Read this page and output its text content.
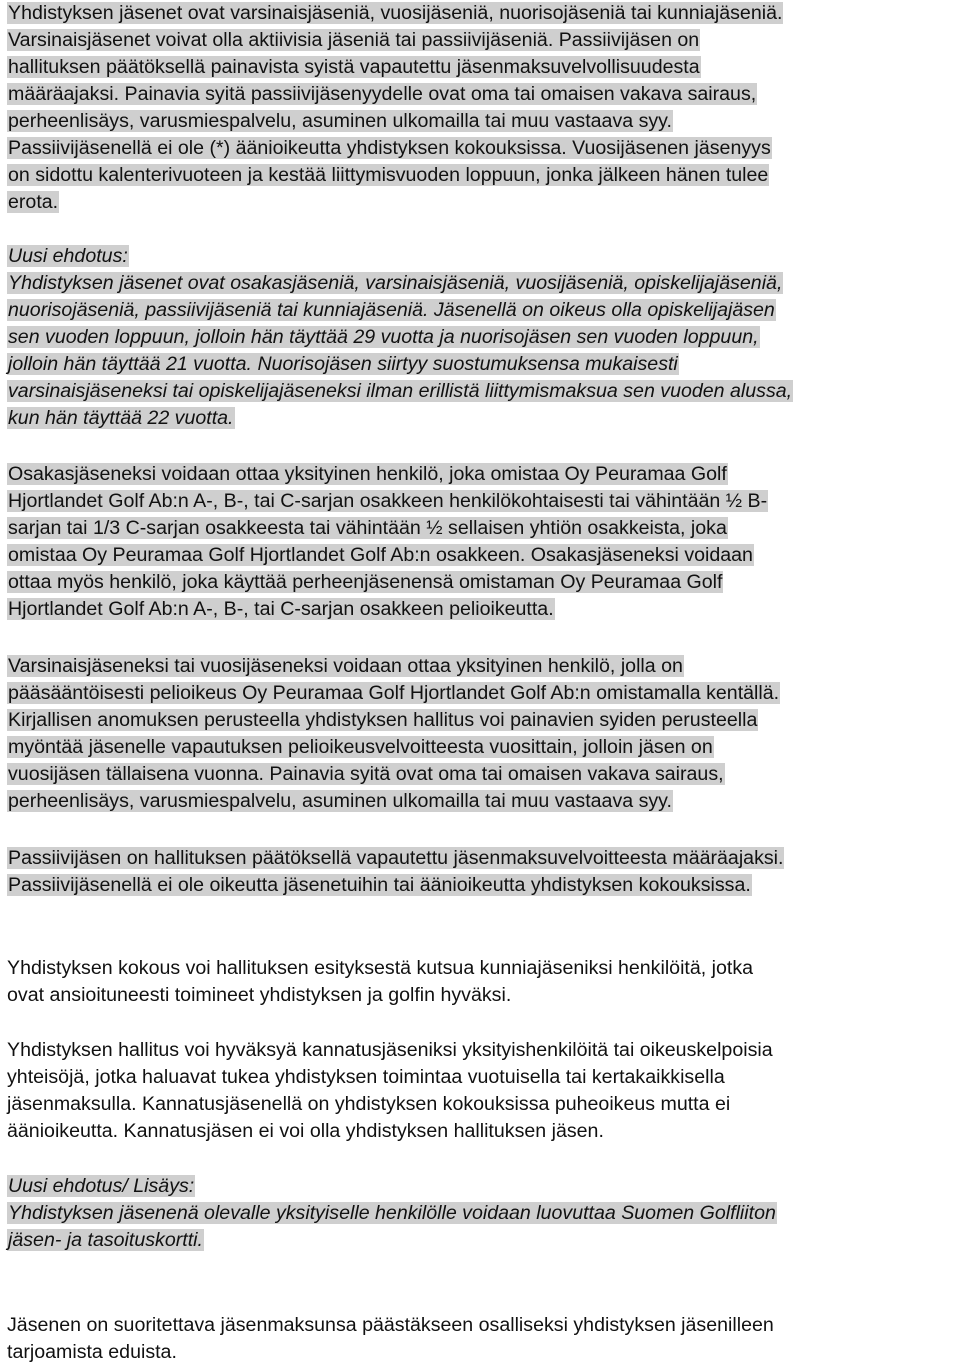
Yhdistyksen jäsenet ovat varsinaisjäseniä, vuosijäseniä, nuorisojäseniä tai kunniajäseniä.
Varsinaisjäsenet voivat olla aktiivisia jäseniä tai passiivijäseniä. Passiivijäsen on
hallituksen päätöksellä painavista syistä vapautettu jäsenmaksuvelvollisuudesta
määräajaksi. Painavia syitä passiivijäsenyydelle ovat oma tai omaisen vakava sairaus,
perheenlisäys, varusmiespalvelu, asuminen ulkomailla tai muu vastaava syy.
Passiivijäsenellä ei ole (*) äänioikeutta yhdistyksen kokouksissa. Vuosijäsenen jäsenyys
on sidottu kalenterivuoteen ja kestää liittymisvuoden loppuun, jonka jälkeen hänen tulee
erota.
Uusi ehdotus:
Yhdistyksen jäsenet ovat osakasjäseniä, varsinaisjäseniä, vuosijäseniä, opiskelijajäseniä,
nuorisojäseniä, passiivijäseniä tai kunniajäseniä. Jäsenellä on oikeus olla opiskelijajäsen
sen vuoden loppuun, jolloin hän täyttää 29 vuotta ja nuorisojäsen sen vuoden loppuun,
jolloin hän täyttää 21 vuotta. Nuorisojäsen siirtyy suostumuksensa mukaisesti
varsinaisjäseneksi tai opiskelijajäseneksi ilman erillistä liittymismaksua sen vuoden alussa,
kun hän täyttää 22 vuotta.
Osakasjäseneksi voidaan ottaa yksityinen henkilö, joka omistaa Oy Peuramaa Golf
Hjortlandet Golf Ab:n A-, B-, tai C-sarjan osakkeen henkilökohtaisesti tai vähintään ½ B-
sarjan tai 1/3 C-sarjan osakkeesta tai vähintään ½ sellaisen yhtiön osakkeista, joka
omistaa Oy Peuramaa Golf Hjortlandet Golf Ab:n osakkeen. Osakasjäseneksi voidaan
ottaa myös henkilö, joka käyttää perheenjäsenensä omistaman Oy Peuramaa Golf
Hjortlandet Golf Ab:n A-, B-, tai C-sarjan osakkeen pelioikeutta.
Varsinaisjäseneksi tai vuosijäseneksi voidaan ottaa yksityinen henkilö, jolla on
pääsääntöisesti pelioikeus Oy Peuramaa Golf Hjortlandet Golf Ab:n omistamalla kentällä.
Kirjallisen anomuksen perusteella yhdistyksen hallitus voi painavien syiden perusteella
myöntää jäsenelle vapautuksen pelioikeusvelvoitteesta vuosittain, jolloin jäsen on
vuosijäsen tällaisena vuonna. Painavia syitä ovat oma tai omaisen vakava sairaus,
perheenlisäys, varusmiespalvelu, asuminen ulkomailla tai muu vastaava syy.
Passiivijäsen on hallituksen päätöksellä vapautettu jäsenmaksuvelvoitteesta määräajaksi.
Passiivijäsenellä ei ole oikeutta jäsenetuihin tai äänioikeutta yhdistyksen kokouksissa.
Yhdistyksen kokous voi hallituksen esityksestä kutsua kunniajäseniksi henkilöitä, jotka
ovat ansioituneesti toimineet yhdistyksen ja golfin hyväksi.
Yhdistyksen hallitus voi hyväksyä kannatusjäseniksi yksityishenkilöitä tai oikeuskelpoisia
yhteisöjä, jotka haluavat tukea yhdistyksen toimintaa vuotuisella tai kertakaikkisella
jäsenmaksulla. Kannatusjäsenellä on yhdistyksen kokouksissa puheoikeus mutta ei
äänioikeutta. Kannatusjäsen ei voi olla yhdistyksen hallituksen jäsen.
Uusi ehdotus/ Lisäys:
Yhdistyksen jäsenenä olevalle yksityiselle henkilölle voidaan luovuttaa Suomen Golfliiton
jäsen- ja tasoituskortti.
Jäsenen on suoritettava jäsenmaksunsa päästäkseen osalliseksi yhdistyksen jäsenilleen
tarjoamista eduista.
